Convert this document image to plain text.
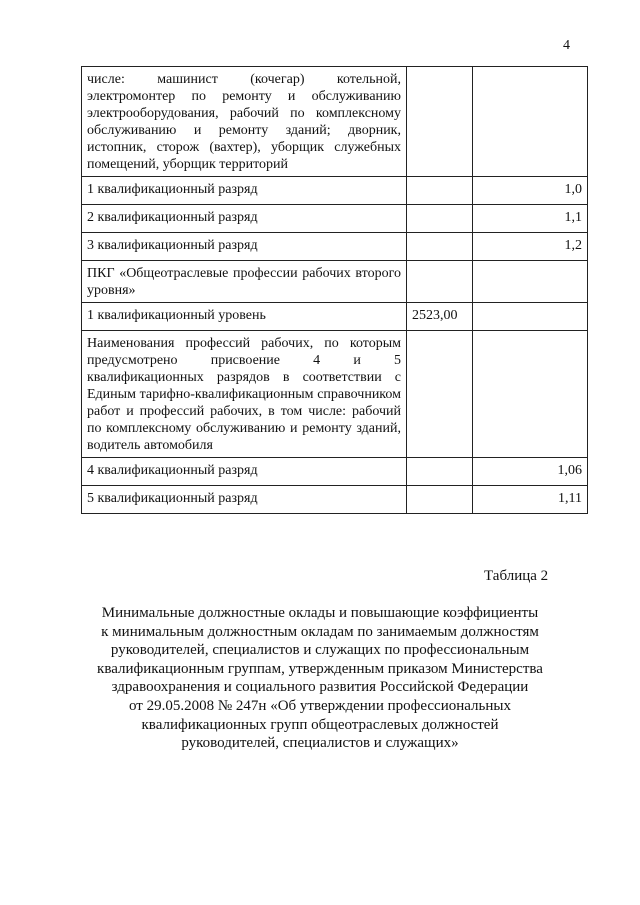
4
числе: машинист (кочегар) котельной, электромонтер по ремонту и обслуживанию электрооборудования, рабочий по комплексному обслуживанию и ремонту зданий; дворник, истопник, сторож (вахтер), уборщик служебных помещений, уборщик территорий		
1 квалификационный разряд		1,0
2 квалификационный разряд		1,1
3 квалификационный разряд		1,2
ПКГ «Общеотраслевые профессии рабочих второго уровня»		
1 квалификационный уровень	2523,00	
Наименования профессий рабочих, по которым предусмотрено присвоение 4 и 5 квалификационных разрядов в соответствии с Единым тарифно-квалификационным справочником работ и профессий рабочих, в том числе: рабочий по комплексному обслуживанию и ремонту зданий, водитель автомобиля		
4 квалификационный разряд		1,06
5 квалификационный разряд		1,11
Таблица 2
Минимальные должностные оклады и повышающие коэффициенты
к минимальным должностным окладам по занимаемым должностям
руководителей, специалистов и служащих по профессиональным
квалификационным группам, утвержденным приказом Министерства
здравоохранения и социального развития Российской Федерации
от 29.05.2008 № 247н «Об утверждении профессиональных
квалификационных групп общеотраслевых должностей
руководителей, специалистов и служащих»
